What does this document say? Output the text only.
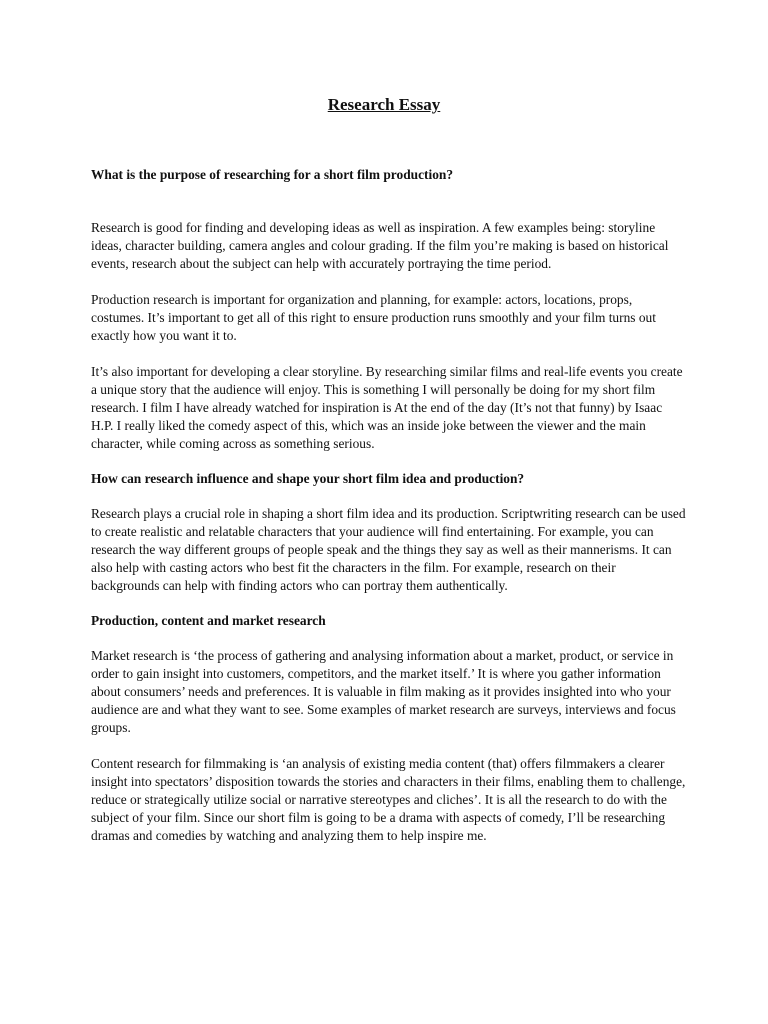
Research Essay

What is the purpose of researching for a short film production?

Research is good for finding and developing ideas as well as inspiration. A few examples being: storyline ideas, character building, camera angles and colour grading. If the film you’re making is based on historical events, research about the subject can help with accurately portraying the time period.

Production research is important for organization and planning, for example: actors, locations, props, costumes. It’s important to get all of this right to ensure production runs smoothly and your film turns out exactly how you want it to.

It’s also important for developing a clear storyline. By researching similar films and real-life events you create a unique story that the audience will enjoy. This is something I will personally be doing for my short film research. I film I have already watched for inspiration is At the end of the day (It’s not that funny) by Isaac H.P. I really liked the comedy aspect of this, which was an inside joke between the viewer and the main character, while coming across as something serious.

How can research influence and shape your short film idea and production?

Research plays a crucial role in shaping a short film idea and its production. Scriptwriting research can be used to create realistic and relatable characters that your audience will find entertaining. For example, you can research the way different groups of people speak and the things they say as well as their mannerisms. It can also help with casting actors who best fit the characters in the film. For example, research on their backgrounds can help with finding actors who can portray them authentically.

Production, content and market research

Market research is ‘the process of gathering and analysing information about a market, product, or service in order to gain insight into customers, competitors, and the market itself.’ It is where you gather information about consumers’ needs and preferences. It is valuable in film making as it provides insighted into who your audience are and what they want to see. Some examples of market research are surveys, interviews and focus groups.

Content research for filmmaking is ‘an analysis of existing media content (that) offers filmmakers a clearer insight into spectators’ disposition towards the stories and characters in their films, enabling them to challenge, reduce or strategically utilize social or narrative stereotypes and cliches’. It is all the research to do with the subject of your film. Since our short film is going to be a drama with aspects of comedy, I’ll be researching dramas and comedies by watching and analyzing them to help inspire me.
